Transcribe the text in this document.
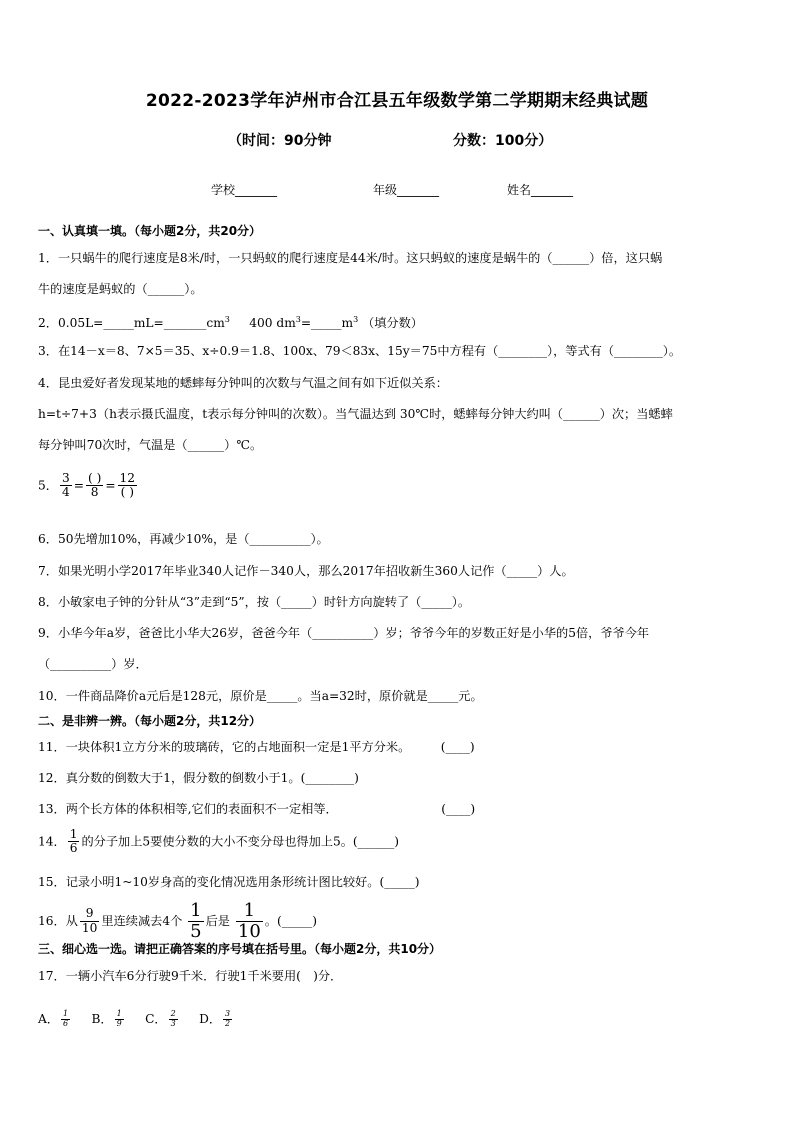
2022-2023学年泸州市合江县五年级数学第二学期期末经典试题
（时间：90分钟	分数：100分）
学校_______	年级_______	姓名_______
一、认真填一填。（每小题2分，共20分）
1．一只蜗牛的爬行速度是8米/时，一只蚂蚁的爬行速度是44米/时。这只蚂蚁的速度是蜗牛的（______）倍，这只蜗
牛的速度是蚂蚁的（______）。
2．$0.05L=\_\_\_\_\_mL=\_\_\_\_\_\_\_cm^3$ 400 $dm^3=\_\_\_\_\_m^3$ （填分数）
3．在14－x＝8、7×5＝35、x÷0.9＝1.8、100x、79＜83x、15y＝75中方程有（________），等式有（________）。
4．昆虫爱好者发现某地的蟋蟀每分钟叫的次数与气温之间有如下近似关系：
h=t÷7+3（h表示摄氏温度，t表示每分钟叫的次数）。当气温达到 30℃时，蟋蟀每分钟大约叫（______）次；当蟋蟀
每分钟叫70次时，气温是（______）℃。
5． $\frac{3}{4} = \frac{( )}{8} = \frac{12}{( )}$
6．50先增加10%，再减少10%，是（__________）。
7．如果光明小学2017年毕业340人记作－340人，那么2017年招收新生360人记作（_____）人。
8．小敏家电子钟的分针从“3”走到“5”，按（_____）时针方向旋转了（_____）。
9．小华今年a岁，爸爸比小华大26岁，爸爸今年（__________）岁；爷爷今年的岁数正好是小华的5倍，爷爷今年
（__________）岁．
10．一件商品降价a元后是128元，原价是_____。当a=32时，原价就是_____元。
二、是非辨一辨。（每小题2分，共12分）
11．一块体积1立方分米的玻璃砖，它的占地面积一定是1平方分米。　　　(____)
12．真分数的倒数大于1，假分数的倒数小于1。(________)
13．两个长方体的体积相等,它们的表面积不一定相等．　　　　　　　　　(____)
14． $\frac{1}{6}$ 的分子加上5要使分数的大小不变分母也得加上5。(______)
15．记录小明1~10岁身高的变化情况选用条形统计图比较好。(_____)
16．从 $\frac{9}{10}$ 里连续减去4个 $\frac{1}{5}$ 后是 $\frac{1}{10}$ 。(_____)
三、细心选一选。请把正确答案的序号填在括号里。（每小题2分，共10分）
17．一辆小汽车6分行驶9千米．行驶1千米要用(　)分．
A． $\frac{1}{6}$ B． $\frac{1}{9}$ C． $\frac{2}{3}$ D． $\frac{3}{2}$
